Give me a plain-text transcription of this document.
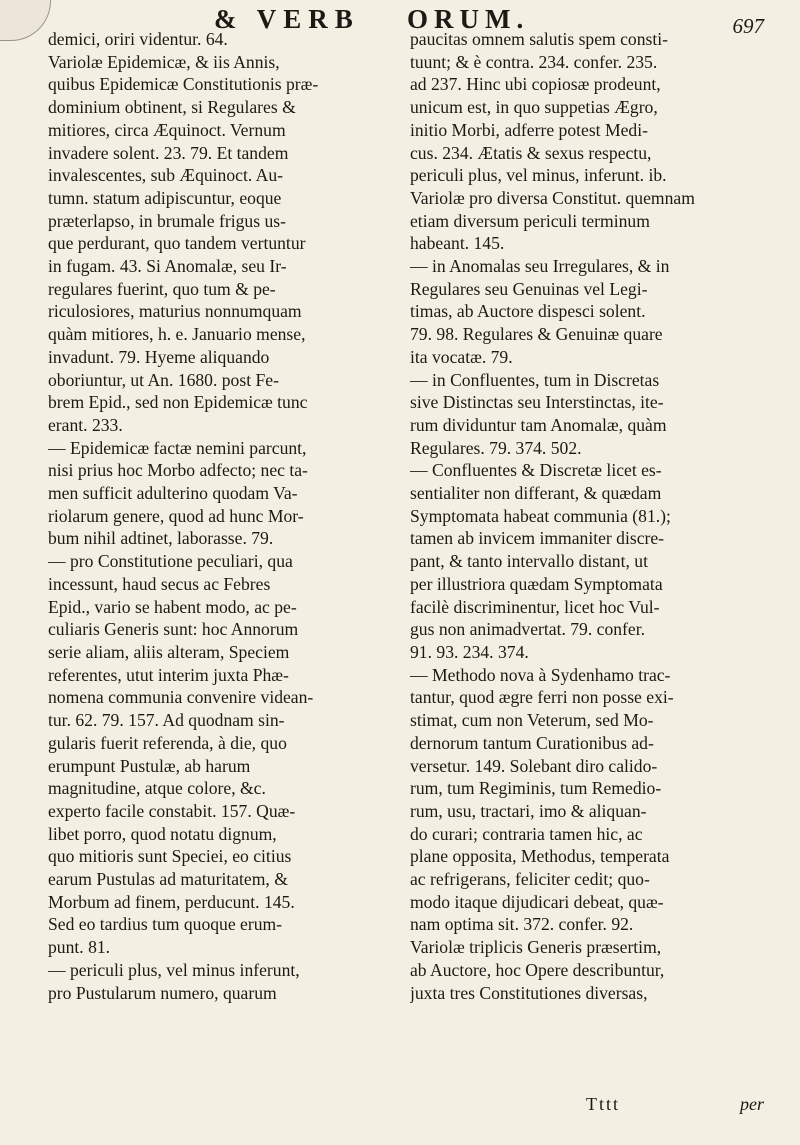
& VERB ORUM.	697
demici, oriri videntur. 64.
Variolæ Epidemicæ, & iis Annis,
quibus Epidemicæ Constitutionis præ-
dominium obtinent, si Regulares &
mitiores, circa Æquinoct. Vernum
invadere solent. 23. 79. Et tandem
invalescentes, sub Æquinoct. Au-
tumn. statum adipiscuntur, eoque
præterlapso, in brumale frigus us-
que perdurant, quo tandem vertuntur
in fugam. 43. Si Anomalæ, seu Ir-
regulares fuerint, quo tum & pe-
riculosiores, maturius nonnumquam
quàm mitiores, h. e. Januario mense,
invadunt. 79. Hyeme aliquando
oboriuntur, ut An. 1680. post Fe-
brem Epid., sed non Epidemicæ tunc
erant. 233.
— Epidemicæ factæ nemini parcunt,
nisi prius hoc Morbo adfecto; nec ta-
men sufficit adulterino quodam Va-
riolarum genere, quod ad hunc Mor-
bum nihil adtinet, laborasse. 79.
— pro Constitutione peculiari, qua
incessunt, haud secus ac Febres
Epid., vario se habent modo, ac pe-
culiaris Generis sunt: hoc Annorum
serie aliam, aliis alteram, Speciem
referentes, utut interim juxta Phæ-
nomena communia convenire videan-
tur. 62. 79. 157. Ad quodnam sin-
gularis fuerit referenda, à die, quo
erumpunt Pustulæ, ab harum
magnitudine, atque colore, &c.
experto facile constabit. 157. Quæ-
libet porro, quod notatu dignum,
quo mitioris sunt Speciei, eo citius
earum Pustulas ad maturitatem, &
Morbum ad finem, perducunt. 145.
Sed eo tardius tum quoque erum-
punt. 81.
— periculi plus, vel minus inferunt,
pro Pustularum numero, quarum
paucitas omnem salutis spem consti-
tuunt; & è contra. 234. confer. 235.
ad 237. Hinc ubi copiosæ prodeunt,
unicum est, in quo suppetias Ægro,
initio Morbi, adferre potest Medi-
cus. 234. Ætatis & sexus respectu,
periculi plus, vel minus, inferunt. ib.
Variolæ pro diversa Constitut. quemnam
etiam diversum periculi terminum
habeant. 145.
— in Anomalas seu Irregulares, & in
Regulares seu Genuinas vel Legi-
timas, ab Auctore dispesci solent.
79. 98. Regulares & Genuinæ quare
ita vocatæ. 79.
— in Confluentes, tum in Discretas
sive Distinctas seu Interstinctas, ite-
rum dividuntur tam Anomalæ, quàm
Regulares. 79. 374. 502.
— Confluentes & Discretæ licet es-
sentialiter non differant, & quædam
Symptomata habeat communia (81.);
tamen ab invicem immaniter discre-
pant, & tanto intervallo distant, ut
per illustriora quædam Symptomata
facilè discriminentur, licet hoc Vul-
gus non animadvertat. 79. confer.
91. 93. 234. 374.
— Methodo nova à Sydenhamo trac-
tantur, quod ægre ferri non posse exi-
stimat, cum non Veterum, sed Mo-
dernorum tantum Curationibus ad-
versetur. 149. Solebant diro calido-
rum, tum Regiminis, tum Remedio-
rum, usu, tractari, imo & aliquan-
do curari; contraria tamen hic, ac
plane opposita, Methodus, temperata
ac refrigerans, feliciter cedit; quo-
modo itaque dijudicari debeat, quæ-
nam optima sit. 372. confer. 92.
Variolæ triplicis Generis præsertim,
ab Auctore, hoc Opere describuntur,
juxta tres Constitutiones diversas,
Tttt	per
